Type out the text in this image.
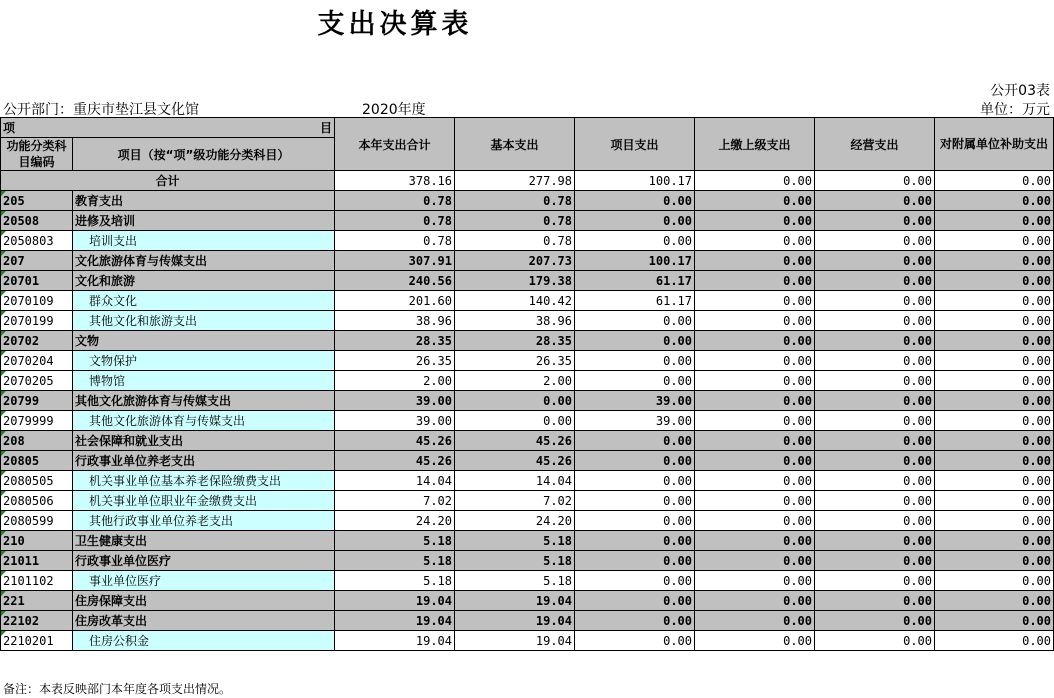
支出决算表
公开03表
公开部门：重庆市垫江县文化馆	2020年度	单位：万元
项 目		本年支出合计	基本支出	项目支出	上缴上级支出	经营支出	对附属单位补助支出
功能分类科目编码	项目（按“项”级功能分类科目）						
合计		378.16	277.98	100.17	0.00	0.00	0.00
205	教育支出	0.78	0.78	0.00	0.00	0.00	0.00
20508	进修及培训	0.78	0.78	0.00	0.00	0.00	0.00
2050803	培训支出	0.78	0.78	0.00	0.00	0.00	0.00
207	文化旅游体育与传媒支出	307.91	207.73	100.17	0.00	0.00	0.00
20701	文化和旅游	240.56	179.38	61.17	0.00	0.00	0.00
2070109	群众文化	201.60	140.42	61.17	0.00	0.00	0.00
2070199	其他文化和旅游支出	38.96	38.96	0.00	0.00	0.00	0.00
20702	文物	28.35	28.35	0.00	0.00	0.00	0.00
2070204	文物保护	26.35	26.35	0.00	0.00	0.00	0.00
2070205	博物馆	2.00	2.00	0.00	0.00	0.00	0.00
20799	其他文化旅游体育与传媒支出	39.00	0.00	39.00	0.00	0.00	0.00
2079999	其他文化旅游体育与传媒支出	39.00	0.00	39.00	0.00	0.00	0.00
208	社会保障和就业支出	45.26	45.26	0.00	0.00	0.00	0.00
20805	行政事业单位养老支出	45.26	45.26	0.00	0.00	0.00	0.00
2080505	机关事业单位基本养老保险缴费支出	14.04	14.04	0.00	0.00	0.00	0.00
2080506	机关事业单位职业年金缴费支出	7.02	7.02	0.00	0.00	0.00	0.00
2080599	其他行政事业单位养老支出	24.20	24.20	0.00	0.00	0.00	0.00
210	卫生健康支出	5.18	5.18	0.00	0.00	0.00	0.00
21011	行政事业单位医疗	5.18	5.18	0.00	0.00	0.00	0.00
2101102	事业单位医疗	5.18	5.18	0.00	0.00	0.00	0.00
221	住房保障支出	19.04	19.04	0.00	0.00	0.00	0.00
22102	住房改革支出	19.04	19.04	0.00	0.00	0.00	0.00
2210201	住房公积金	19.04	19.04	0.00	0.00	0.00	0.00
备注：本表反映部门本年度各项支出情况。
